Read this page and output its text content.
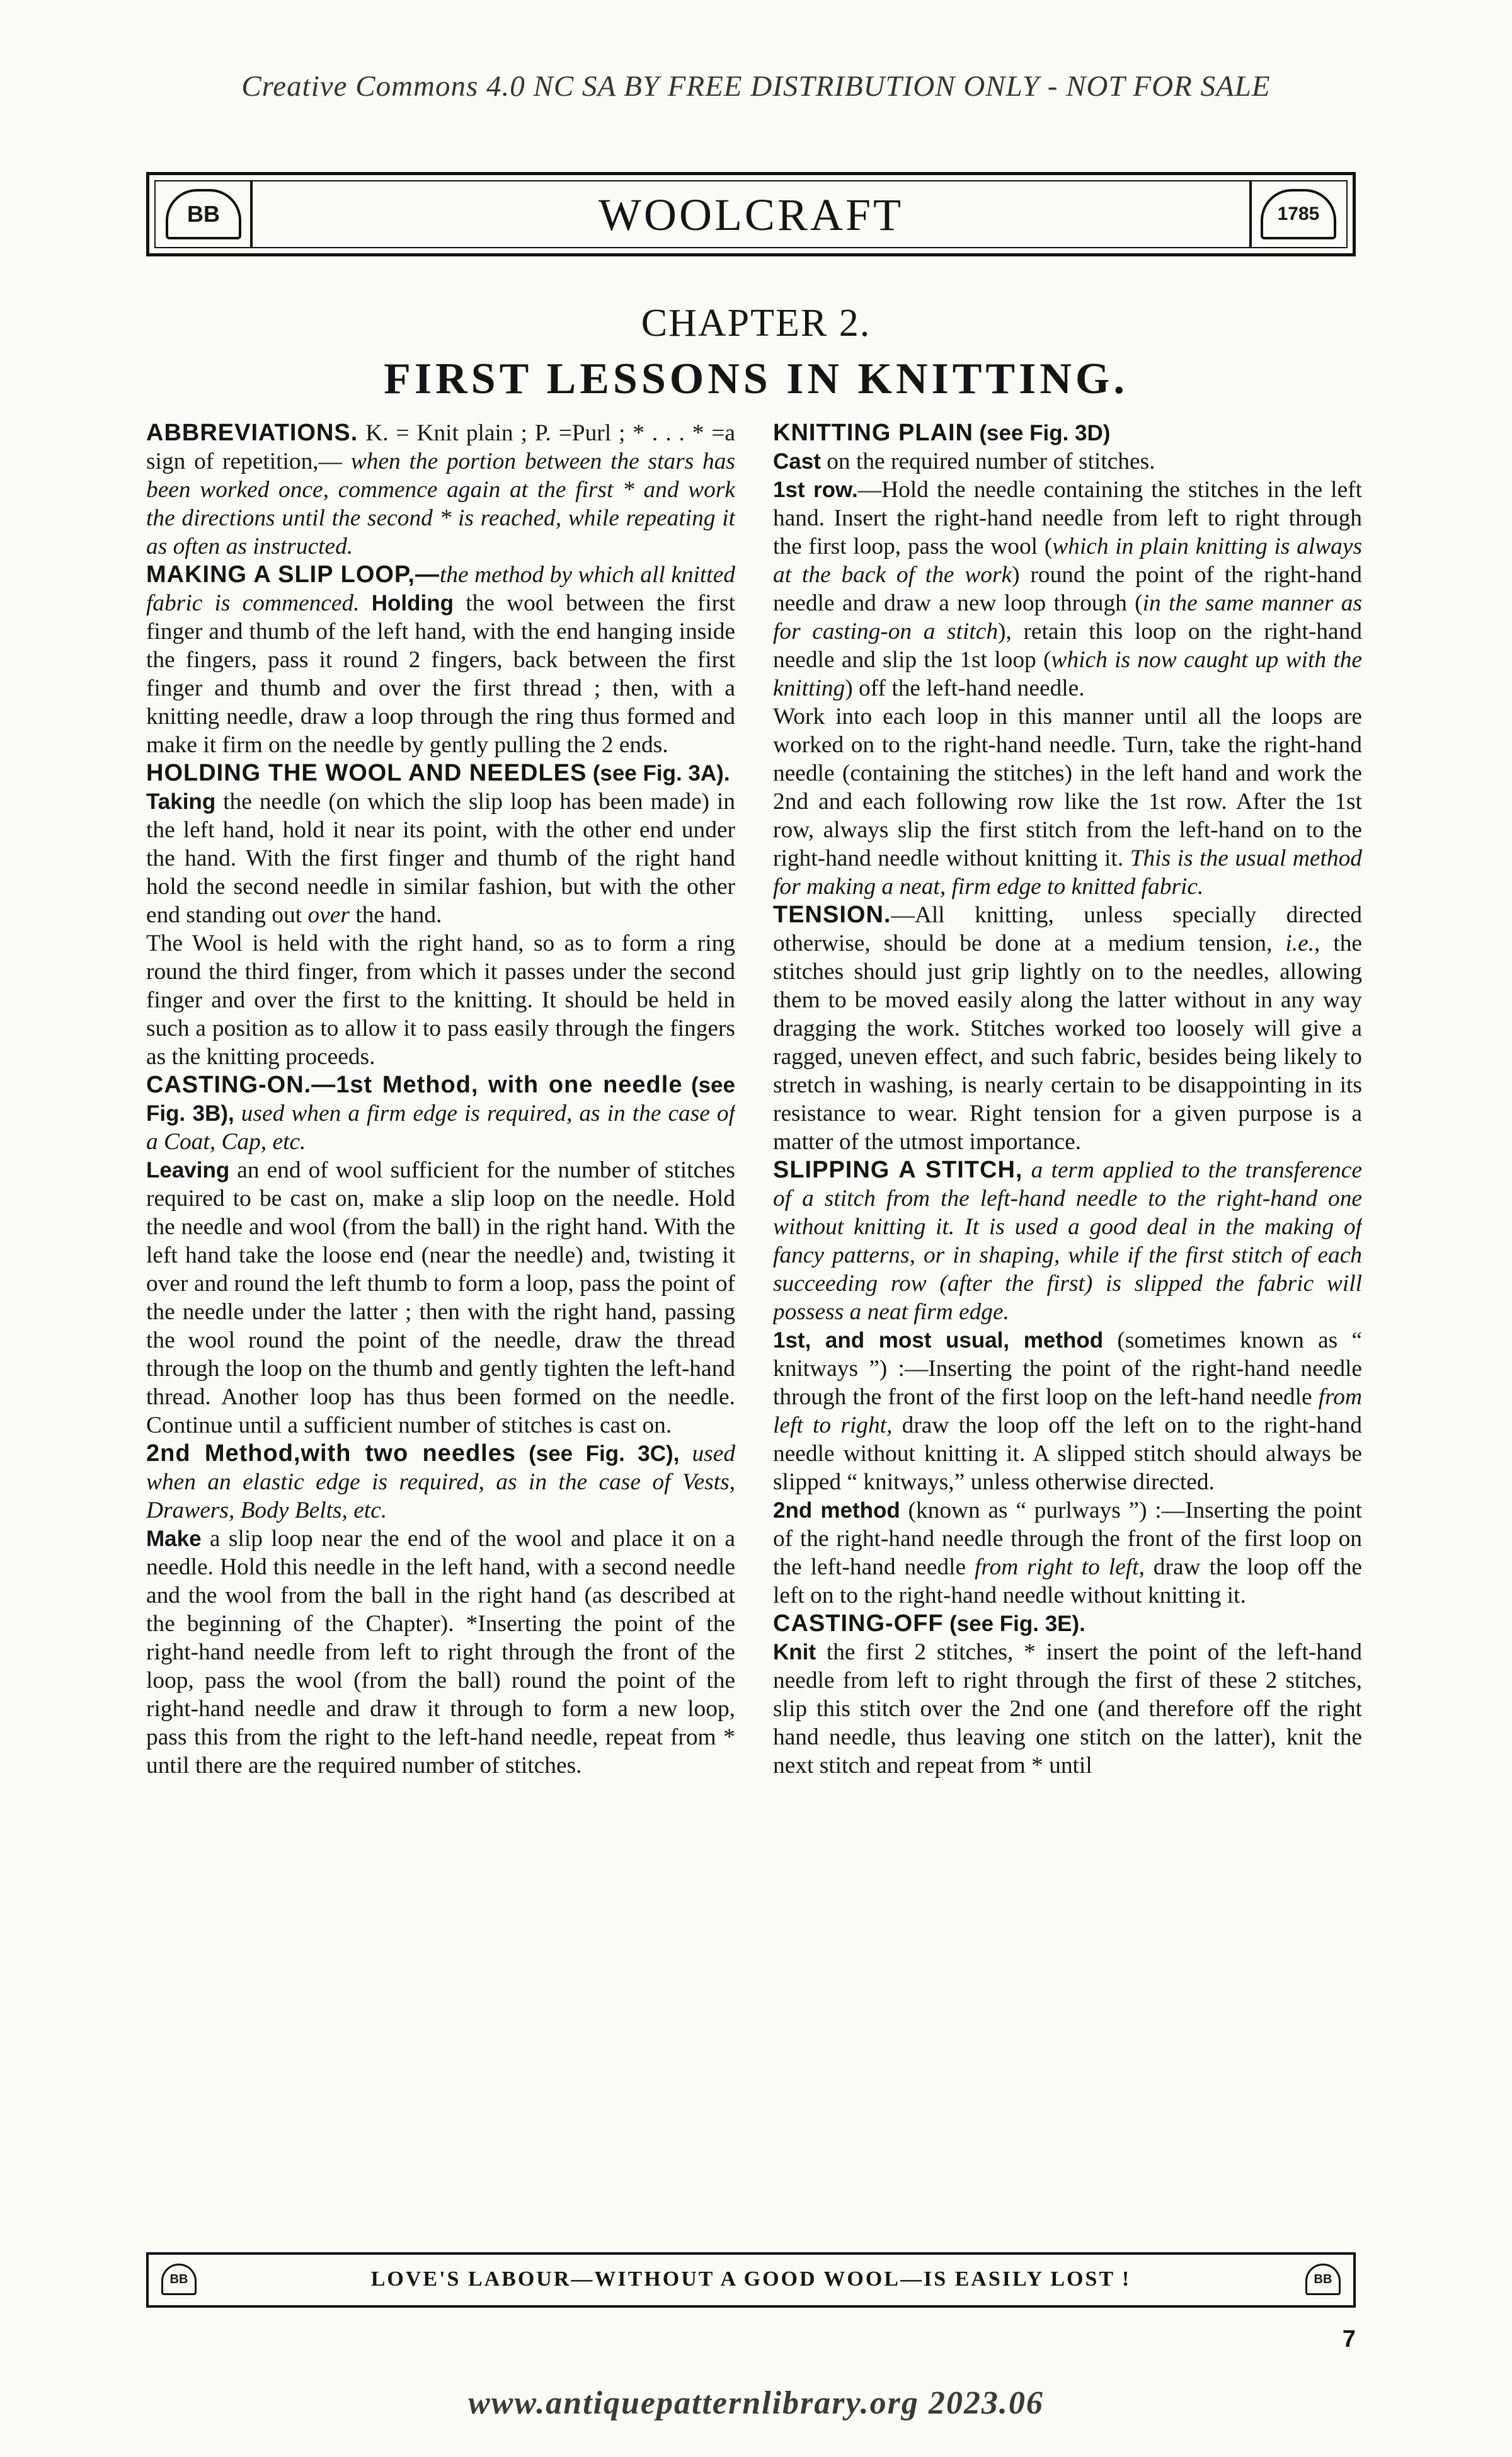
Creative Commons 4.0 NC SA BY FREE DISTRIBUTION ONLY - NOT FOR SALE
BB	WOOLCRAFT	1785
CHAPTER 2.
FIRST LESSONS IN KNITTING.

ABBREVIATIONS. K. = Knit plain ; P. =Purl ; * . . . * =a sign of repetition,— when the portion between the stars has been worked once, commence again at the first * and work the directions until the second * is reached, while repeating it as often as instructed.

MAKING A SLIP LOOP,—the method by which all knitted fabric is commenced. Holding the wool between the first finger and thumb of the left hand, with the end hanging inside the fingers, pass it round 2 fingers, back between the first finger and thumb and over the first thread ; then, with a knitting needle, draw a loop through the ring thus formed and make it firm on the needle by gently pulling the 2 ends.

HOLDING THE WOOL AND NEEDLES (see Fig. 3A).

Taking the needle (on which the slip loop has been made) in the left hand, hold it near its point, with the other end under the hand. With the first finger and thumb of the right hand hold the second needle in similar fashion, but with the other end standing out over the hand.

The Wool is held with the right hand, so as to form a ring round the third finger, from which it passes under the second finger and over the first to the knitting. It should be held in such a position as to allow it to pass easily through the fingers as the knitting proceeds.

CASTING-ON.—1st Method, with one needle (see Fig. 3B), used when a firm edge is required, as in the case of a Coat, Cap, etc.

Leaving an end of wool sufficient for the number of stitches required to be cast on, make a slip loop on the needle. Hold the needle and wool (from the ball) in the right hand. With the left hand take the loose end (near the needle) and, twisting it over and round the left thumb to form a loop, pass the point of the needle under the latter ; then with the right hand, passing the wool round the point of the needle, draw the thread through the loop on the thumb and gently tighten the left-hand thread. Another loop has thus been formed on the needle. Continue until a sufficient number of stitches is cast on.

2nd Method,with two needles (see Fig. 3C), used when an elastic edge is required, as in the case of Vests, Drawers, Body Belts, etc.

Make a slip loop near the end of the wool and place it on a needle. Hold this needle in the left hand, with a second needle and the wool from the ball in the right hand (as described at the beginning of the Chapter). *Inserting the point of the right-hand needle from left to right through the front of the loop, pass the wool (from the ball) round the point of the right-hand needle and draw it through to form a new loop, pass this from the right to the left-hand needle, repeat from * until there are the required number of stitches.

KNITTING PLAIN (see Fig. 3D)

Cast on the required number of stitches.

1st row.—Hold the needle containing the stitches in the left hand. Insert the right-hand needle from left to right through the first loop, pass the wool (which in plain knitting is always at the back of the work) round the point of the right-hand needle and draw a new loop through (in the same manner as for casting-on a stitch), retain this loop on the right-hand needle and slip the 1st loop (which is now caught up with the knitting) off the left-hand needle.

Work into each loop in this manner until all the loops are worked on to the right-hand needle. Turn, take the right-hand needle (containing the stitches) in the left hand and work the 2nd and each following row like the 1st row. After the 1st row, always slip the first stitch from the left-hand on to the right-hand needle without knitting it. This is the usual method for making a neat, firm edge to knitted fabric.

TENSION.—All knitting, unless specially directed otherwise, should be done at a medium tension, i.e., the stitches should just grip lightly on to the needles, allowing them to be moved easily along the latter without in any way dragging the work. Stitches worked too loosely will give a ragged, uneven effect, and such fabric, besides being likely to stretch in washing, is nearly certain to be disappointing in its resistance to wear. Right tension for a given purpose is a matter of the utmost importance.

SLIPPING A STITCH, a term applied to the transference of a stitch from the left-hand needle to the right-hand one without knitting it. It is used a good deal in the making of fancy patterns, or in shaping, while if the first stitch of each succeeding row (after the first) is slipped the fabric will possess a neat firm edge.

1st, and most usual, method (sometimes known as “ knitways ”) :—Inserting the point of the right-hand needle through the front of the first loop on the left-hand needle from left to right, draw the loop off the left on to the right-hand needle without knitting it. A slipped stitch should always be slipped “ knitways,” unless otherwise directed.

2nd method (known as “ purlways ”) :—Inserting the point of the right-hand needle through the front of the first loop on the left-hand needle from right to left, draw the loop off the left on to the right-hand needle without knitting it.

CASTING-OFF (see Fig. 3E).

Knit the first 2 stitches, * insert the point of the left-hand needle from left to right through the first of these 2 stitches, slip this stitch over the 2nd one (and therefore off the right hand needle, thus leaving one stitch on the latter), knit the next stitch and repeat from * until

BB	LOVE'S LABOUR—WITHOUT A GOOD WOOL—IS EASILY LOST !	BB
7
www.antiquepatternlibrary.org 2023.06
